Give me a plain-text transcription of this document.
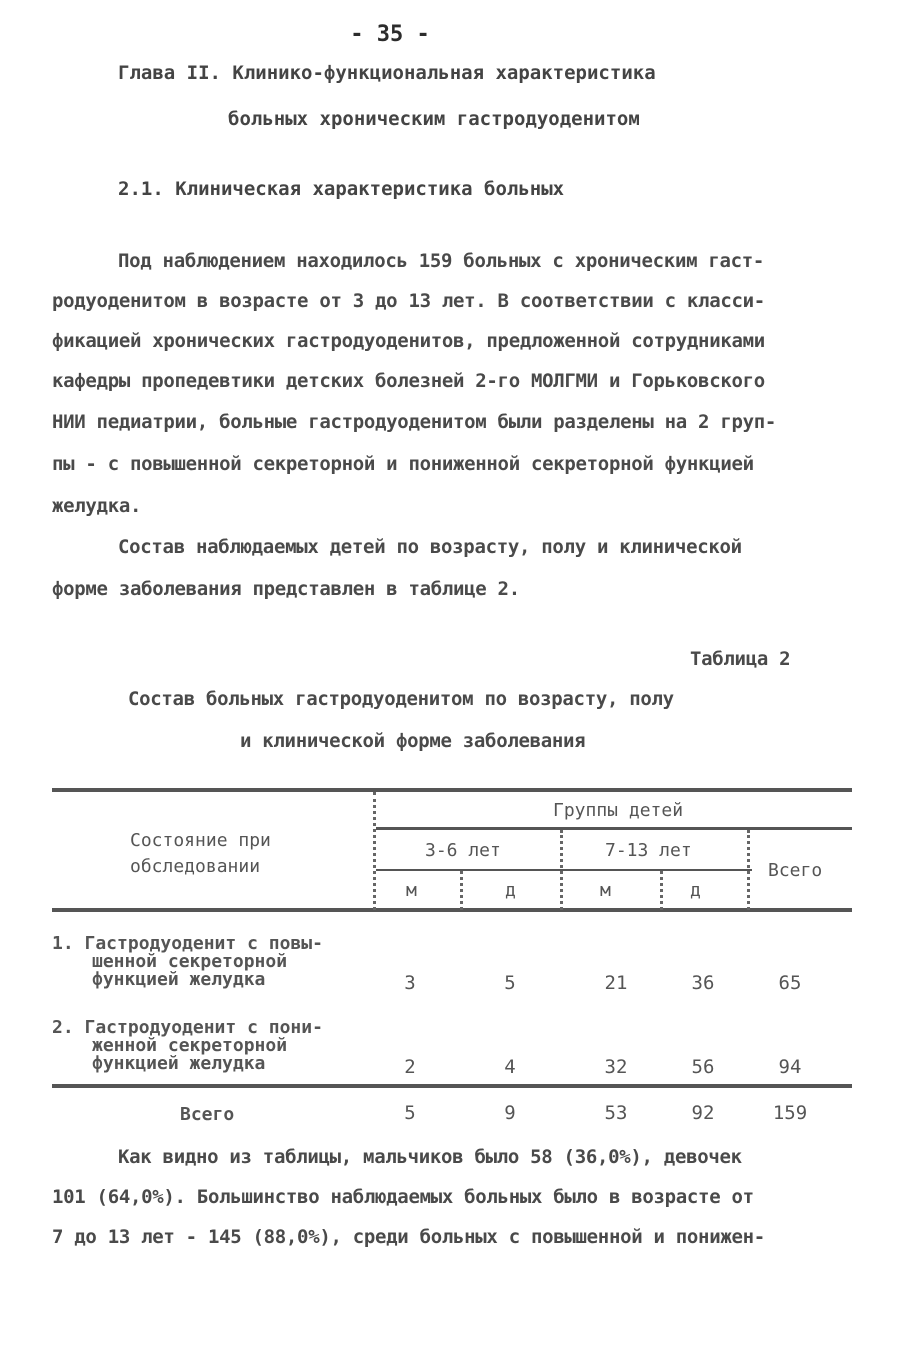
- 35 -
Глава II. Клинико-функциональная характеристика
больных хроническим гастродуоденитом
2.1. Клиническая характеристика больных
Под наблюдением находилось 159 больных с хроническим гаст-
родуоденитом в возрасте от 3 до 13 лет. В соответствии с класси-
фикацией хронических гастродуоденитов, предложенной сотрудниками
кафедры пропедевтики детских болезней 2-го МОЛГМИ и Горьковского
НИИ педиатрии, больные гастродуоденитом были разделены на 2 груп-
пы - с повышенной секреторной и пониженной секреторной функцией
желудка.
Состав наблюдаемых детей по возрасту, полу и клинической
форме заболевания представлен в таблице 2.
Таблица 2
Состав больных гастродуоденитом по возрасту, полу
и клинической форме заболевания
Состояние при
обследовании
Группы детей
3-6 лет	7-13 лет
Всего
м	д	м	д
1. Гастродуоденит с повы-
шенной секреторной
функцией желудка	3	5	21	36	65
2. Гастродуоденит с пони-
женной секреторной
функцией желудка	2	4	32	56	94
Всего	5	9	53	92	159
Как видно из таблицы, мальчиков было 58 (36,0%), девочек
101 (64,0%). Большинство наблюдаемых больных было в возрасте от
7 до 13 лет - 145 (88,0%), среди больных с повышенной и понижен-
